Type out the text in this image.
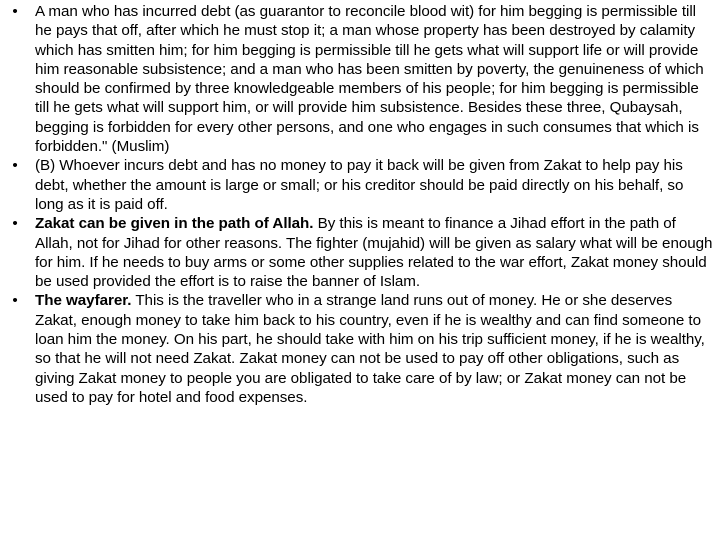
• A man who has incurred debt (as guarantor to reconcile blood wit) for him begging is permissible till he pays that off, after which he must stop it; a man whose property has been destroyed by calamity which has smitten him; for him begging is permissible till he gets what will support life or will provide him reasonable subsistence; and a man who has been smitten by poverty, the genuineness of which should be confirmed by three knowledgeable members of his people; for him begging is permissible till he gets what will support him, or will provide him subsistence. Besides these three, Qubaysah, begging is forbidden for every other persons, and one who engages in such consumes that which is forbidden." (Muslim)
• (B) Whoever incurs debt and has no money to pay it back will be given from Zakat to help pay his debt, whether the amount is large or small; or his creditor should be paid directly on his behalf, so long as it is paid off.
• Zakat can be given in the path of Allah. By this is meant to finance a Jihad effort in the path of Allah, not for Jihad for other reasons. The fighter (mujahid) will be given as salary what will be enough for him. If he needs to buy arms or some other supplies related to the war effort, Zakat money should be used provided the effort is to raise the banner of Islam.
• The wayfarer. This is the traveller who in a strange land runs out of money. He or she deserves Zakat, enough money to take him back to his country, even if he is wealthy and can find someone to loan him the money. On his part, he should take with him on his trip sufficient money, if he is wealthy, so that he will not need Zakat. Zakat money can not be used to pay off other obligations, such as giving Zakat money to people you are obligated to take care of by law; or Zakat money can not be used to pay for hotel and food expenses.
